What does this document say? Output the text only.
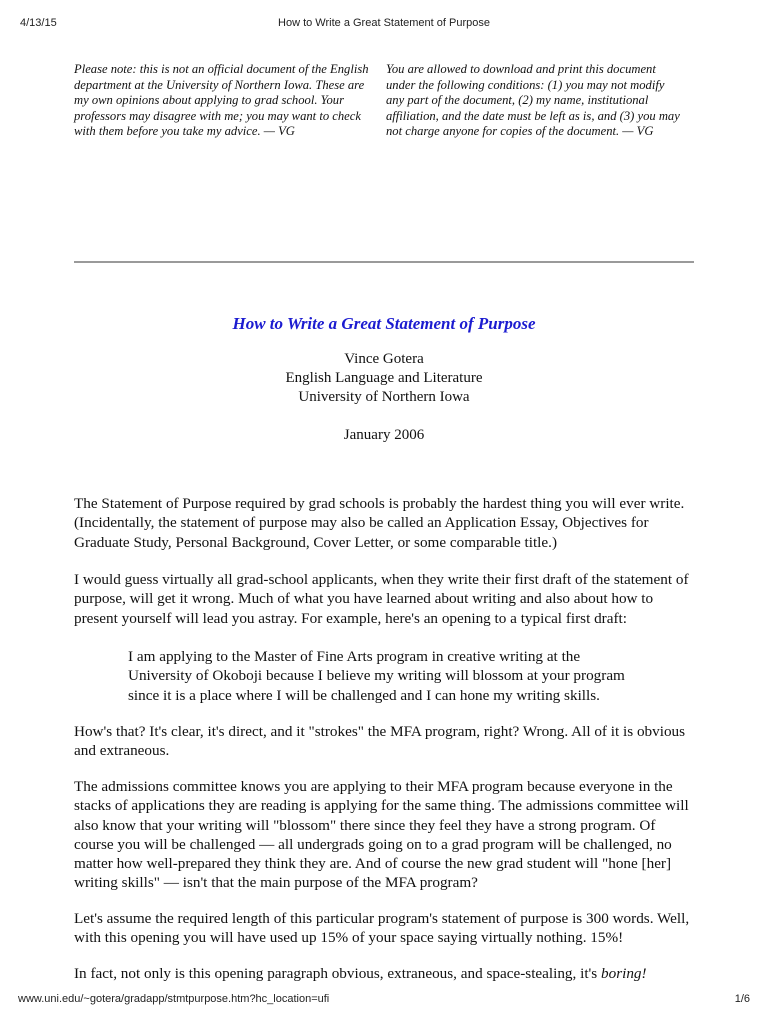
4/13/15	How to Write a Great Statement of Purpose
Please note: this is not an official document of the English department at the University of Northern Iowa. These are my own opinions about applying to grad school. Your professors may disagree with me; you may want to check with them before you take my advice. — VG
You are allowed to download and print this document under the following conditions: (1) you may not modify any part of the document, (2) my name, institutional affiliation, and the date must be left as is, and (3) you may not charge anyone for copies of the document. — VG
How to Write a Great Statement of Purpose
Vince Gotera
English Language and Literature
University of Northern Iowa
January 2006

The Statement of Purpose required by grad schools is probably the hardest thing you will ever write. (Incidentally, the statement of purpose may also be called an Application Essay, Objectives for Graduate Study, Personal Background, Cover Letter, or some comparable title.)

I would guess virtually all grad-school applicants, when they write their first draft of the statement of purpose, will get it wrong. Much of what you have learned about writing and also about how to present yourself will lead you astray. For example, here's an opening to a typical first draft:

I am applying to the Master of Fine Arts program in creative writing at the
University of Okoboji because I believe my writing will blossom at your program
since it is a place where I will be challenged and I can hone my writing skills.

How's that? It's clear, it's direct, and it "strokes" the MFA program, right? Wrong. All of it is obvious and extraneous.

The admissions committee knows you are applying to their MFA program because everyone in the stacks of applications they are reading is applying for the same thing. The admissions committee will also know that your writing will "blossom" there since they feel they have a strong program. Of course you will be challenged — all undergrads going on to a grad program will be challenged, no matter how well-prepared they think they are. And of course the new grad student will "hone [her] writing skills" — isn't that the main purpose of the MFA program?

Let's assume the required length of this particular program's statement of purpose is 300 words. Well, with this opening you will have used up 15% of your space saying virtually nothing. 15%!

In fact, not only is this opening paragraph obvious, extraneous, and space-stealing, it's boring!

www.uni.edu/~gotera/gradapp/stmtpurpose.htm?hc_location=ufi	1/6
